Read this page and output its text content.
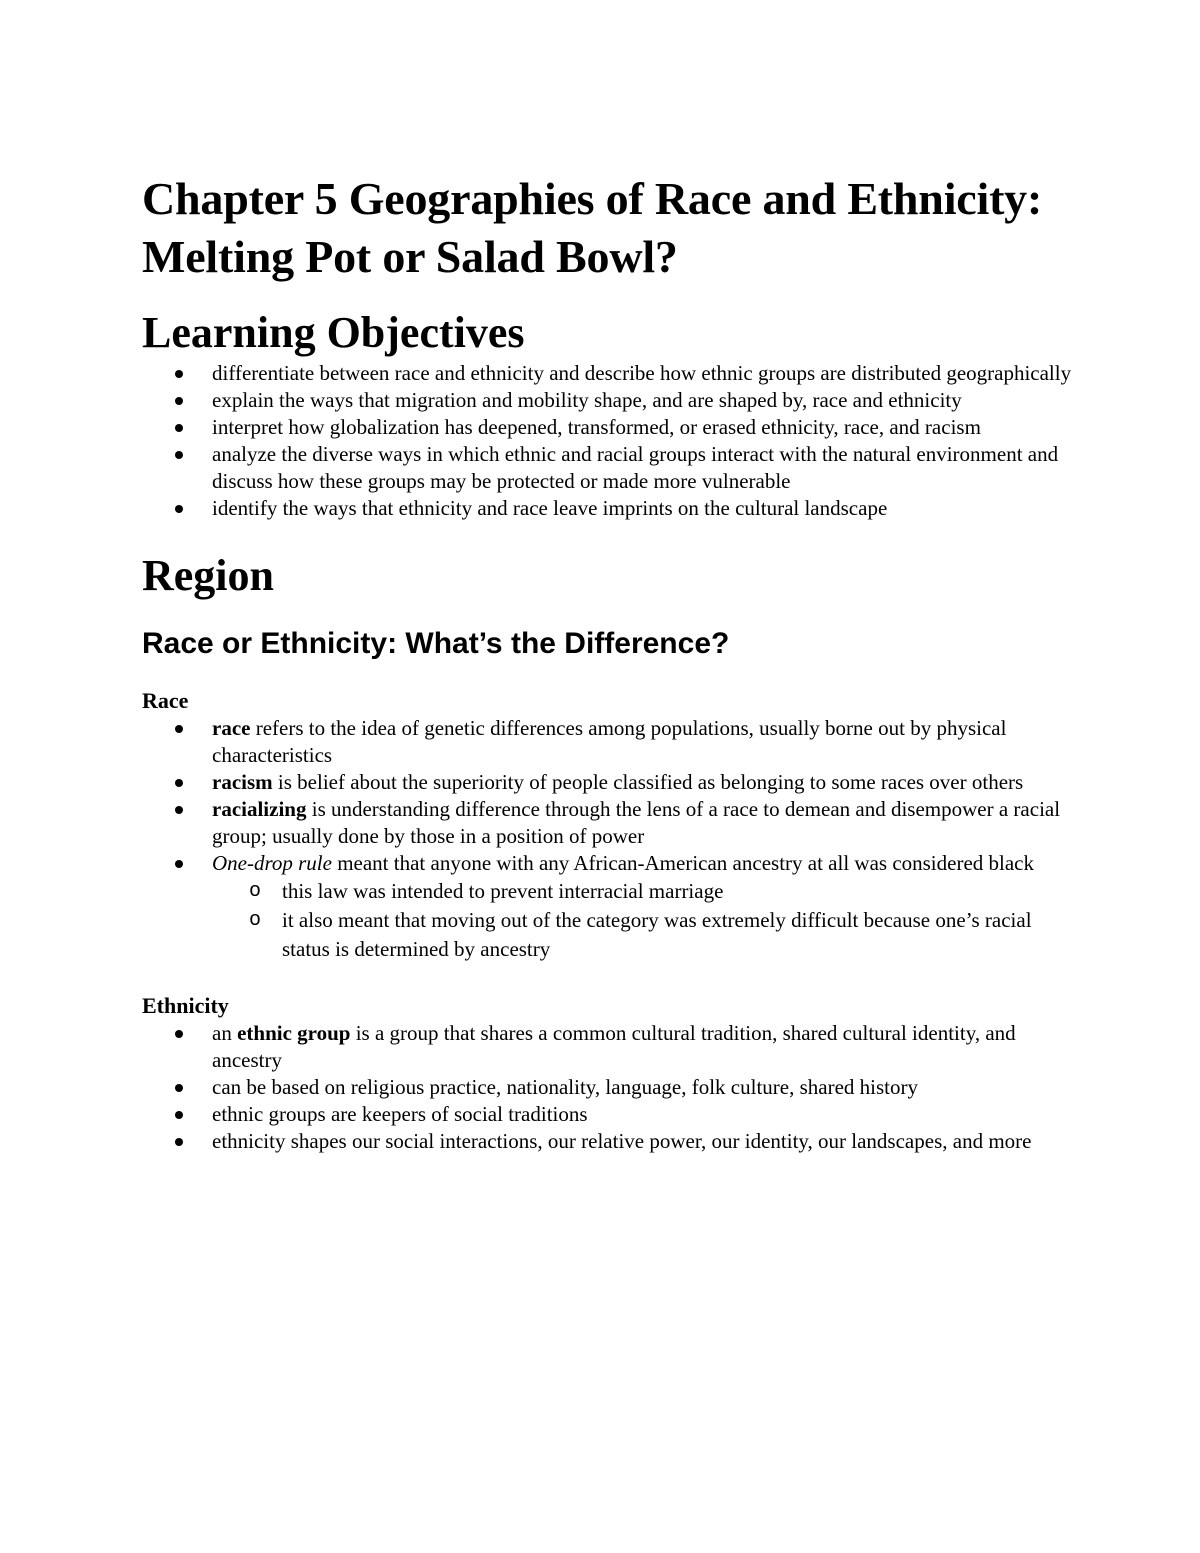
Chapter 5 Geographies of Race and Ethnicity: Melting Pot or Salad Bowl?
Learning Objectives
differentiate between race and ethnicity and describe how ethnic groups are distributed geographically
explain the ways that migration and mobility shape, and are shaped by, race and ethnicity
interpret how globalization has deepened, transformed, or erased ethnicity, race, and racism
analyze the diverse ways in which ethnic and racial groups interact with the natural environment and discuss how these groups may be protected or made more vulnerable
identify the ways that ethnicity and race leave imprints on the cultural landscape
Region
Race or Ethnicity: What’s the Difference?
Race
race refers to the idea of genetic differences among populations, usually borne out by physical characteristics
racism is belief about the superiority of people classified as belonging to some races over others
racializing is understanding difference through the lens of a race to demean and disempower a racial group; usually done by those in a position of power
One-drop rule meant that anyone with any African-American ancestry at all was considered black
o this law was intended to prevent interracial marriage
o it also meant that moving out of the category was extremely difficult because one’s racial status is determined by ancestry
Ethnicity
an ethnic group is a group that shares a common cultural tradition, shared cultural identity, and ancestry
can be based on religious practice, nationality, language, folk culture, shared history
ethnic groups are keepers of social traditions
ethnicity shapes our social interactions, our relative power, our identity, our landscapes, and more
